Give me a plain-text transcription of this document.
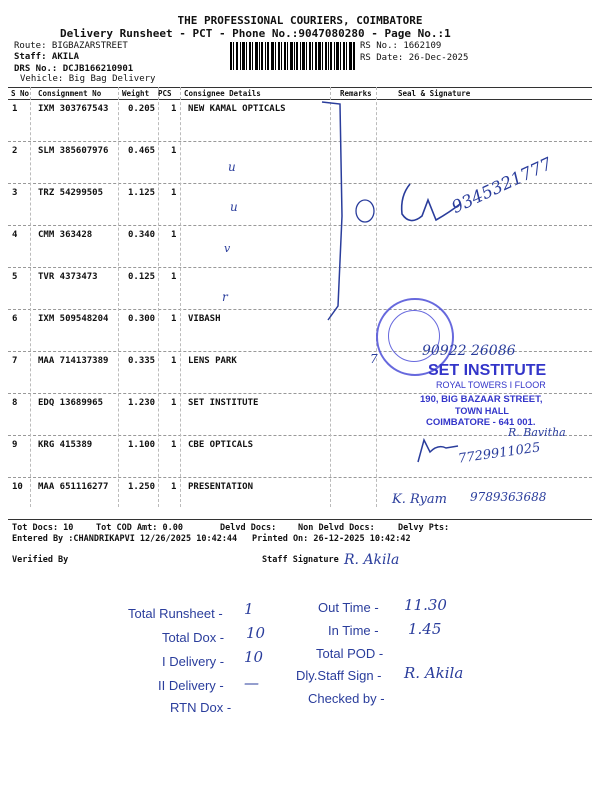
THE PROFESSIONAL COURIERS, COIMBATORE
Delivery Runsheet - PCT - Phone No.:9047080280 - Page No.:1
Route: BIGBAZARSTREET
Staff: AKILA
DRS No.: DCJB166210901
Vehicle: Big Bag Delivery
RS No.: 1662109
RS Date: 26-Dec-2025
S No Consignment No	Weight PCS Consignee Details	Remarks	Seal & Signature
1 IXM 303767543 0.205 1 NEW KAMAL OPTICALS
2 SLM 385607976 0.465 1
3 TRZ 54299505	1.125 1
4 CMM 363428	0.340 1
5 TVR 4373473	0.125 1
6 IXM 509548204 0.300 1 VIBASH
7 MAA 714137389 0.335 1 LENS PARK
8 EDQ 13689965	1.230 1 SET INSTITUTE
9 KRG 415389	1.100 1 CBE OPTICALS
10 MAA 651116277 1.250 1 PRESENTATION
u
u
v
r
9345321777
90922 26086
SET INSTITUTE
ROYAL TOWERS I FLOOR
190, BIG BAZAAR STREET,
TOWN HALL
COIMBATORE - 641 001.
R. Bavitha
7
7729911025
K. Ryam 9789363688
Tot Docs: 10	Tot COD Amt: 0.00	Delvd Docs:	Non Delvd Docs:	Delvy Pts:
Entered By :CHANDRIKAPVI 12/26/2025 10:42:44 Printed On: 26-12-2025 10:42:42
Verified By	Staff Signature R. Akila
Total Runsheet - 1
Total Dox - 10
I Delivery - 10
II Delivery - —
RTN Dox -
Out Time - 11.30
In Time - 1.45
Total POD -
Dly.Staff Sign - R. Akila
Checked by -
